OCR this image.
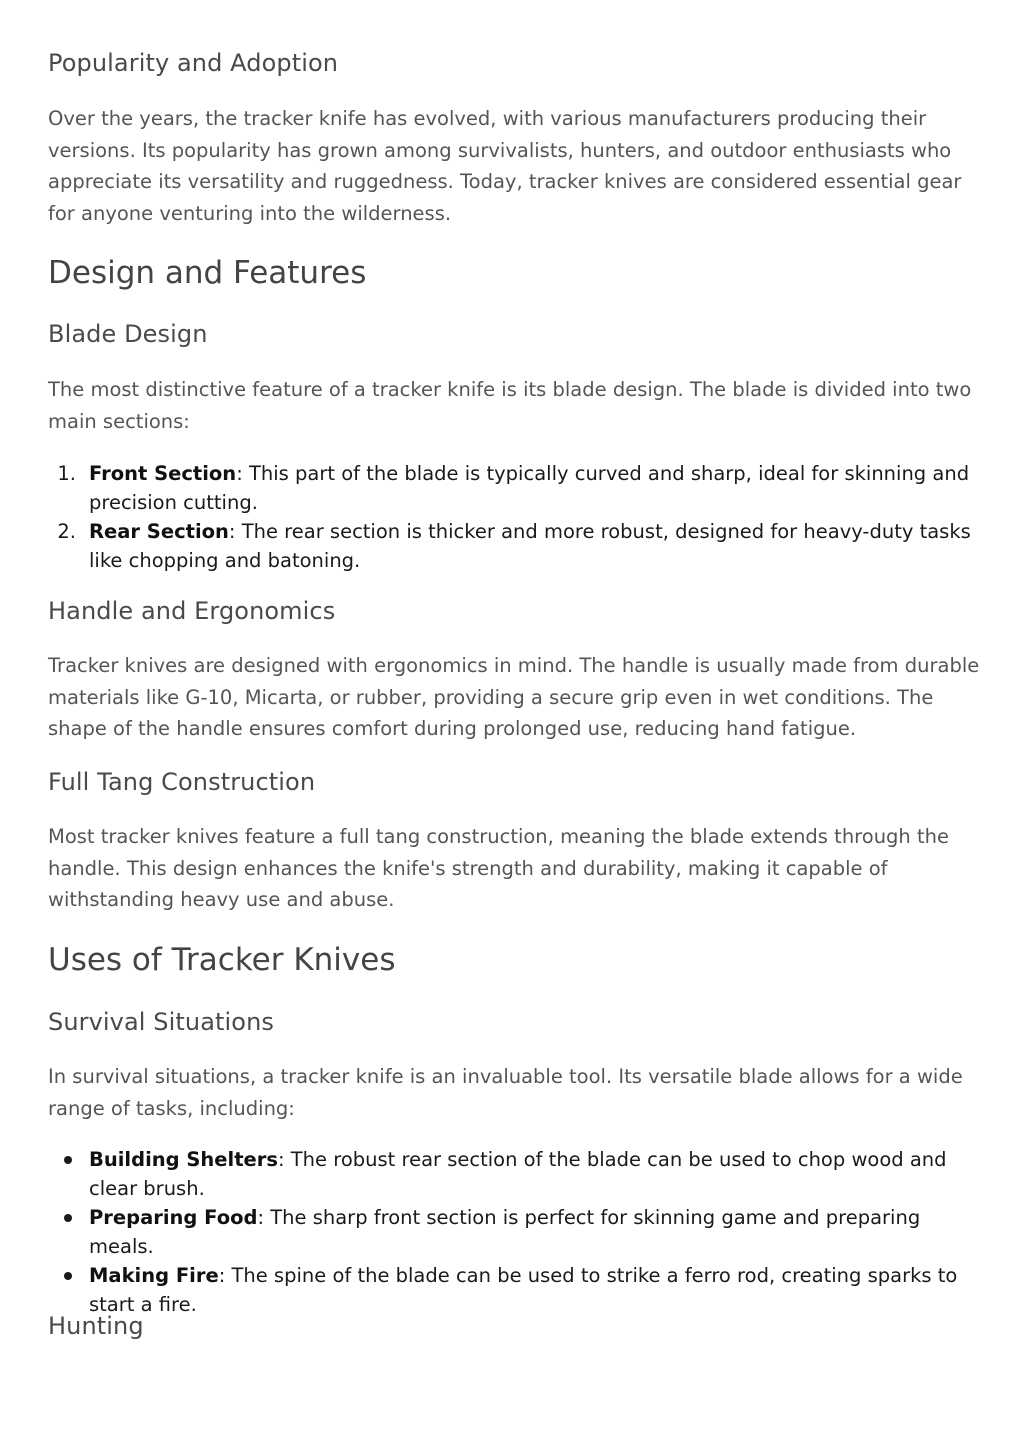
Popularity and Adoption

Over the years, the tracker knife has evolved, with various manufacturers producing their versions. Its popularity has grown among survivalists, hunters, and outdoor enthusiasts who appreciate its versatility and ruggedness. Today, tracker knives are considered essential gear for anyone venturing into the wilderness.

Design and Features
Blade Design

The most distinctive feature of a tracker knife is its blade design. The blade is divided into two main sections:

1. Front Section: This part of the blade is typically curved and sharp, ideal for skinning and precision cutting.
2. Rear Section: The rear section is thicker and more robust, designed for heavy-duty tasks like chopping and batoning.
Handle and Ergonomics

Tracker knives are designed with ergonomics in mind. The handle is usually made from durable materials like G-10, Micarta, or rubber, providing a secure grip even in wet conditions. The shape of the handle ensures comfort during prolonged use, reducing hand fatigue.

Full Tang Construction

Most tracker knives feature a full tang construction, meaning the blade extends through the handle. This design enhances the knife's strength and durability, making it capable of withstanding heavy use and abuse.

Uses of Tracker Knives
Survival Situations

In survival situations, a tracker knife is an invaluable tool. Its versatile blade allows for a wide range of tasks, including:

Building Shelters: The robust rear section of the blade can be used to chop wood and clear brush.
Preparing Food: The sharp front section is perfect for skinning game and preparing meals.
Making Fire: The spine of the blade can be used to strike a ferro rod, creating sparks to start a fire.
Hunting
